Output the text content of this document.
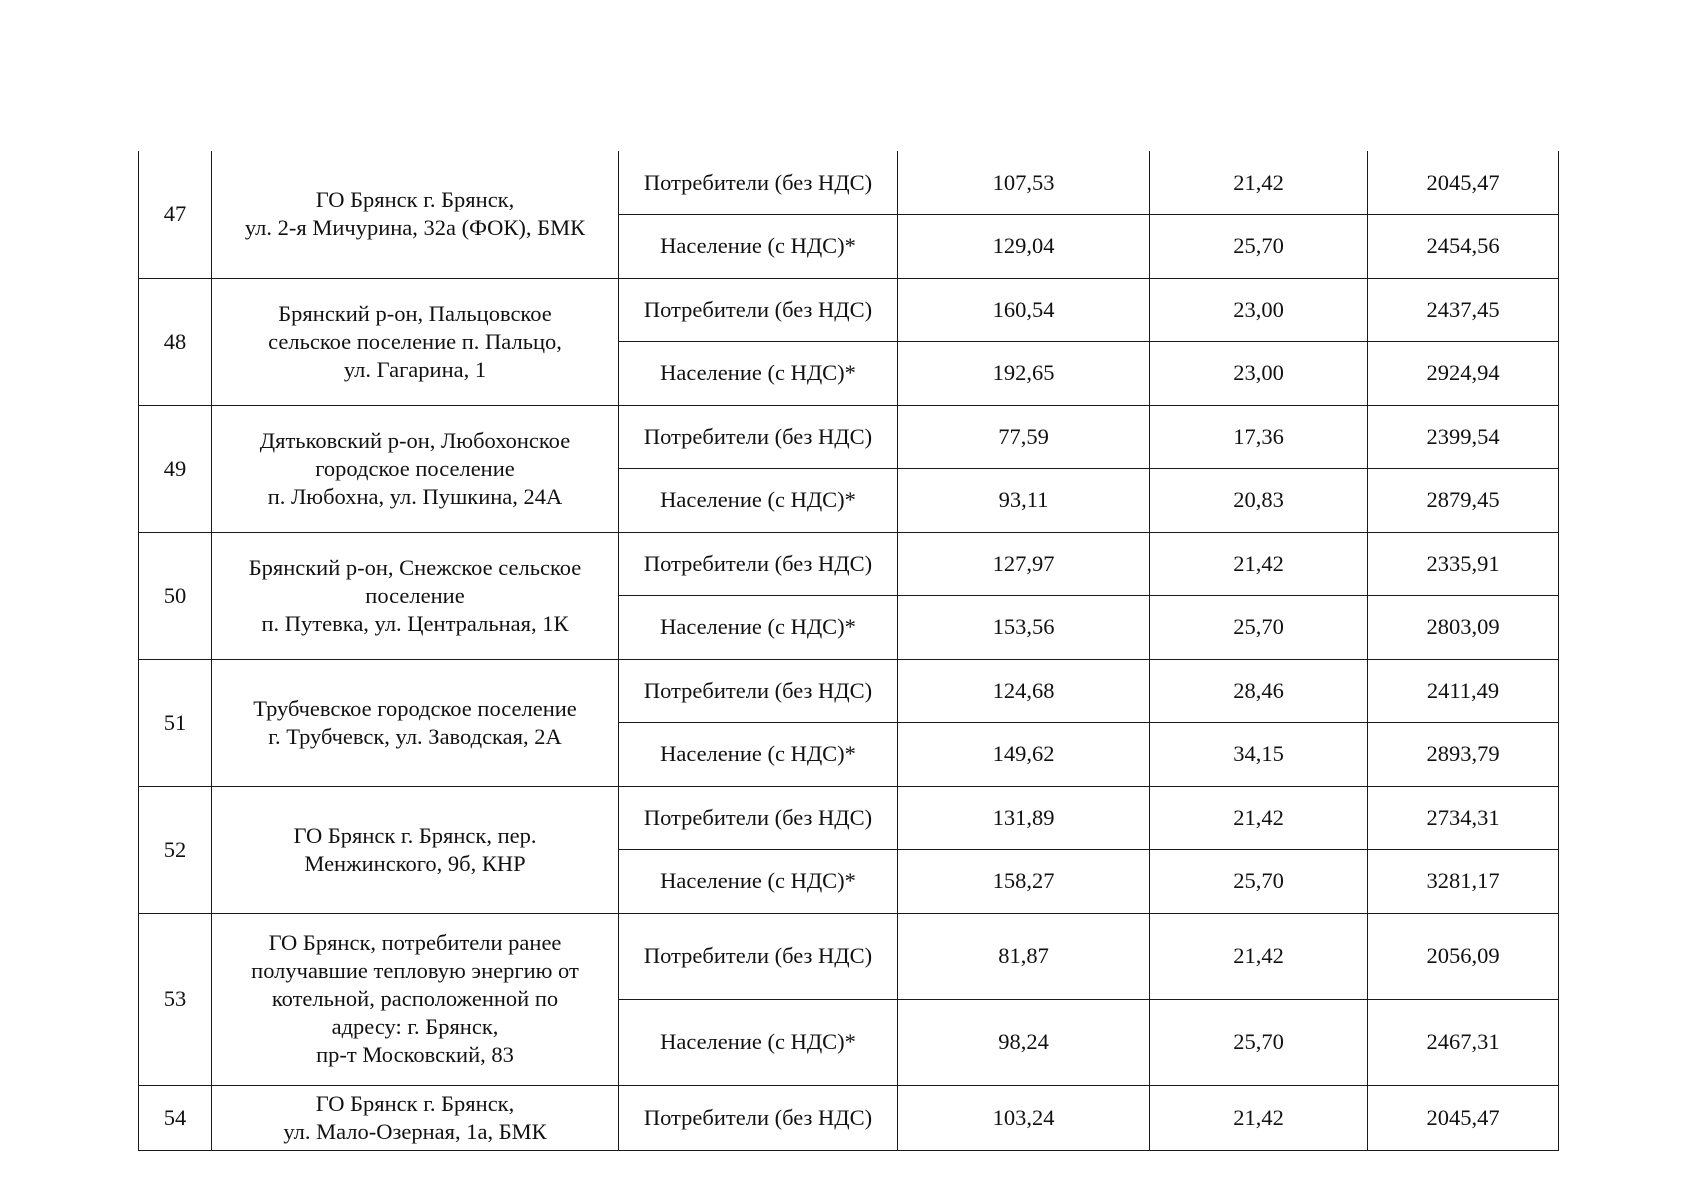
47	ГО Брянск г. Брянск,
ул. 2-я Мичурина, 32а (ФОК), БМК	Потребители (без НДС)	107,53	21,42	2045,47
		Население (с НДС)*	129,04	25,70	2454,56
48	Брянский р-он, Пальцовское
сельское поселение п. Пальцо,
ул. Гагарина, 1	Потребители (без НДС)	160,54	23,00	2437,45
		Население (с НДС)*	192,65	23,00	2924,94
49	Дятьковский р-он, Любохонское
городское поселение
п. Любохна, ул. Пушкина, 24А	Потребители (без НДС)	77,59	17,36	2399,54
		Население (с НДС)*	93,11	20,83	2879,45
50	Брянский р-он, Снежское сельское
поселение
п. Путевка, ул. Центральная, 1К	Потребители (без НДС)	127,97	21,42	2335,91
		Население (с НДС)*	153,56	25,70	2803,09
51	Трубчевское городское поселение
г. Трубчевск, ул. Заводская, 2А	Потребители (без НДС)	124,68	28,46	2411,49
		Население (с НДС)*	149,62	34,15	2893,79
52	ГО Брянск г. Брянск, пер.
Менжинского, 9б, КНР	Потребители (без НДС)	131,89	21,42	2734,31
		Население (с НДС)*	158,27	25,70	3281,17
53	ГО Брянск, потребители ранее
получавшие тепловую энергию от
котельной, расположенной по
адресу: г. Брянск,
пр-т Московский, 83	Потребители (без НДС)	81,87	21,42	2056,09
		Население (с НДС)*	98,24	25,70	2467,31
54	ГО Брянск г. Брянск,
ул. Мало-Озерная, 1а, БМК	Потребители (без НДС)	103,24	21,42	2045,47
